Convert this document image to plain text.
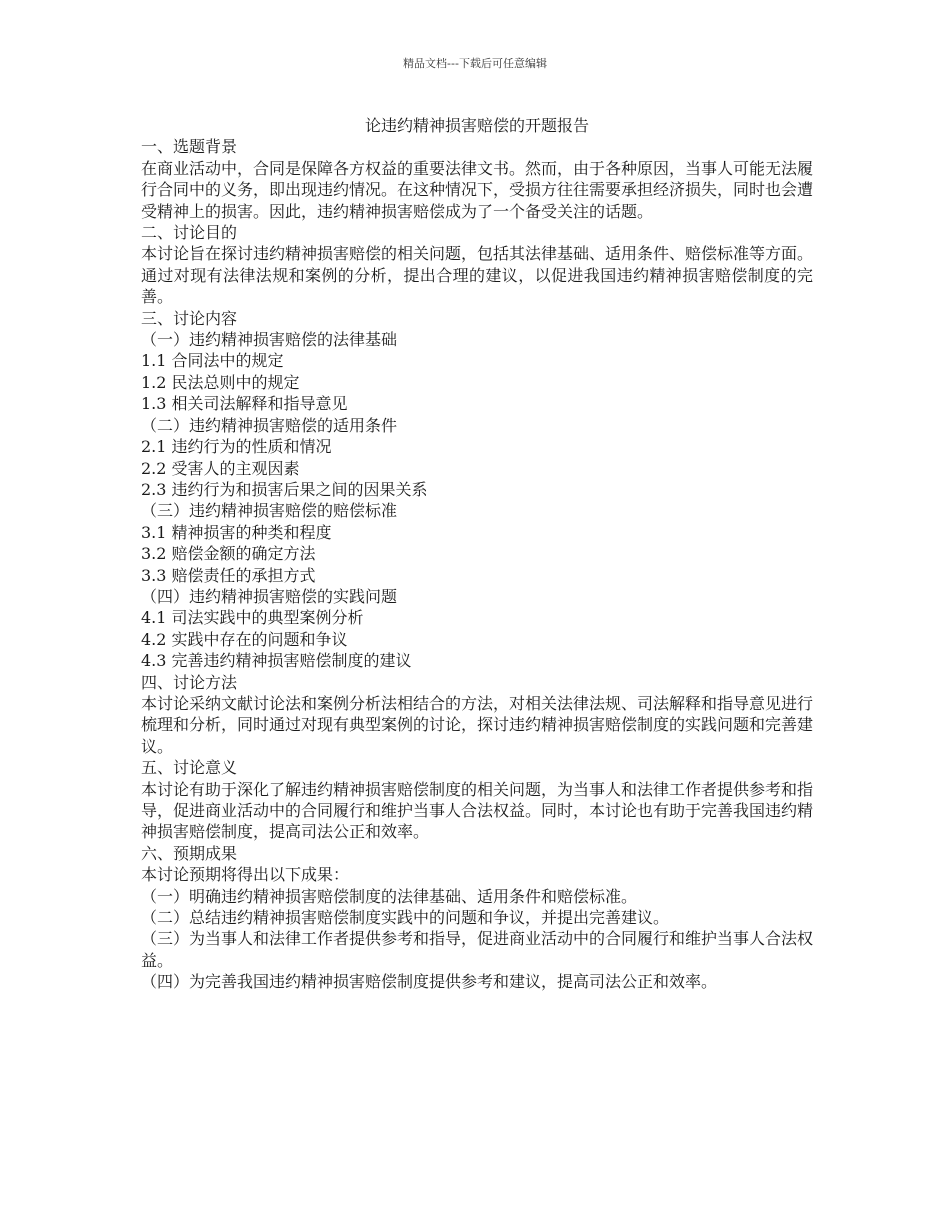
精品文档---下载后可任意编辑
论违约精神损害赔偿的开题报告

一、选题背景

在商业活动中，合同是保障各方权益的重要法律文书。然而，由于各种原因，当事人可能无法履行合同中的义务，即出现违约情况。在这种情况下，受损方往往需要承担经济损失，同时也会遭受精神上的损害。因此，违约精神损害赔偿成为了一个备受关注的话题。

二、讨论目的

本讨论旨在探讨违约精神损害赔偿的相关问题，包括其法律基础、适用条件、赔偿标准等方面。通过对现有法律法规和案例的分析，提出合理的建议，以促进我国违约精神损害赔偿制度的完善。

三、讨论内容

（一）违约精神损害赔偿的法律基础

1.1 合同法中的规定

1.2 民法总则中的规定

1.3 相关司法解释和指导意见

（二）违约精神损害赔偿的适用条件

2.1 违约行为的性质和情况

2.2 受害人的主观因素

2.3 违约行为和损害后果之间的因果关系

（三）违约精神损害赔偿的赔偿标准

3.1 精神损害的种类和程度

3.2 赔偿金额的确定方法

3.3 赔偿责任的承担方式

（四）违约精神损害赔偿的实践问题

4.1 司法实践中的典型案例分析

4.2 实践中存在的问题和争议

4.3 完善违约精神损害赔偿制度的建议

四、讨论方法

本讨论采纳文献讨论法和案例分析法相结合的方法，对相关法律法规、司法解释和指导意见进行梳理和分析，同时通过对现有典型案例的讨论，探讨违约精神损害赔偿制度的实践问题和完善建议。

五、讨论意义

本讨论有助于深化了解违约精神损害赔偿制度的相关问题，为当事人和法律工作者提供参考和指导，促进商业活动中的合同履行和维护当事人合法权益。同时，本讨论也有助于完善我国违约精神损害赔偿制度，提高司法公正和效率。

六、预期成果

本讨论预期将得出以下成果：

（一）明确违约精神损害赔偿制度的法律基础、适用条件和赔偿标准。

（二）总结违约精神损害赔偿制度实践中的问题和争议，并提出完善建议。

（三）为当事人和法律工作者提供参考和指导，促进商业活动中的合同履行和维护当事人合法权益。

（四）为完善我国违约精神损害赔偿制度提供参考和建议，提高司法公正和效率。
